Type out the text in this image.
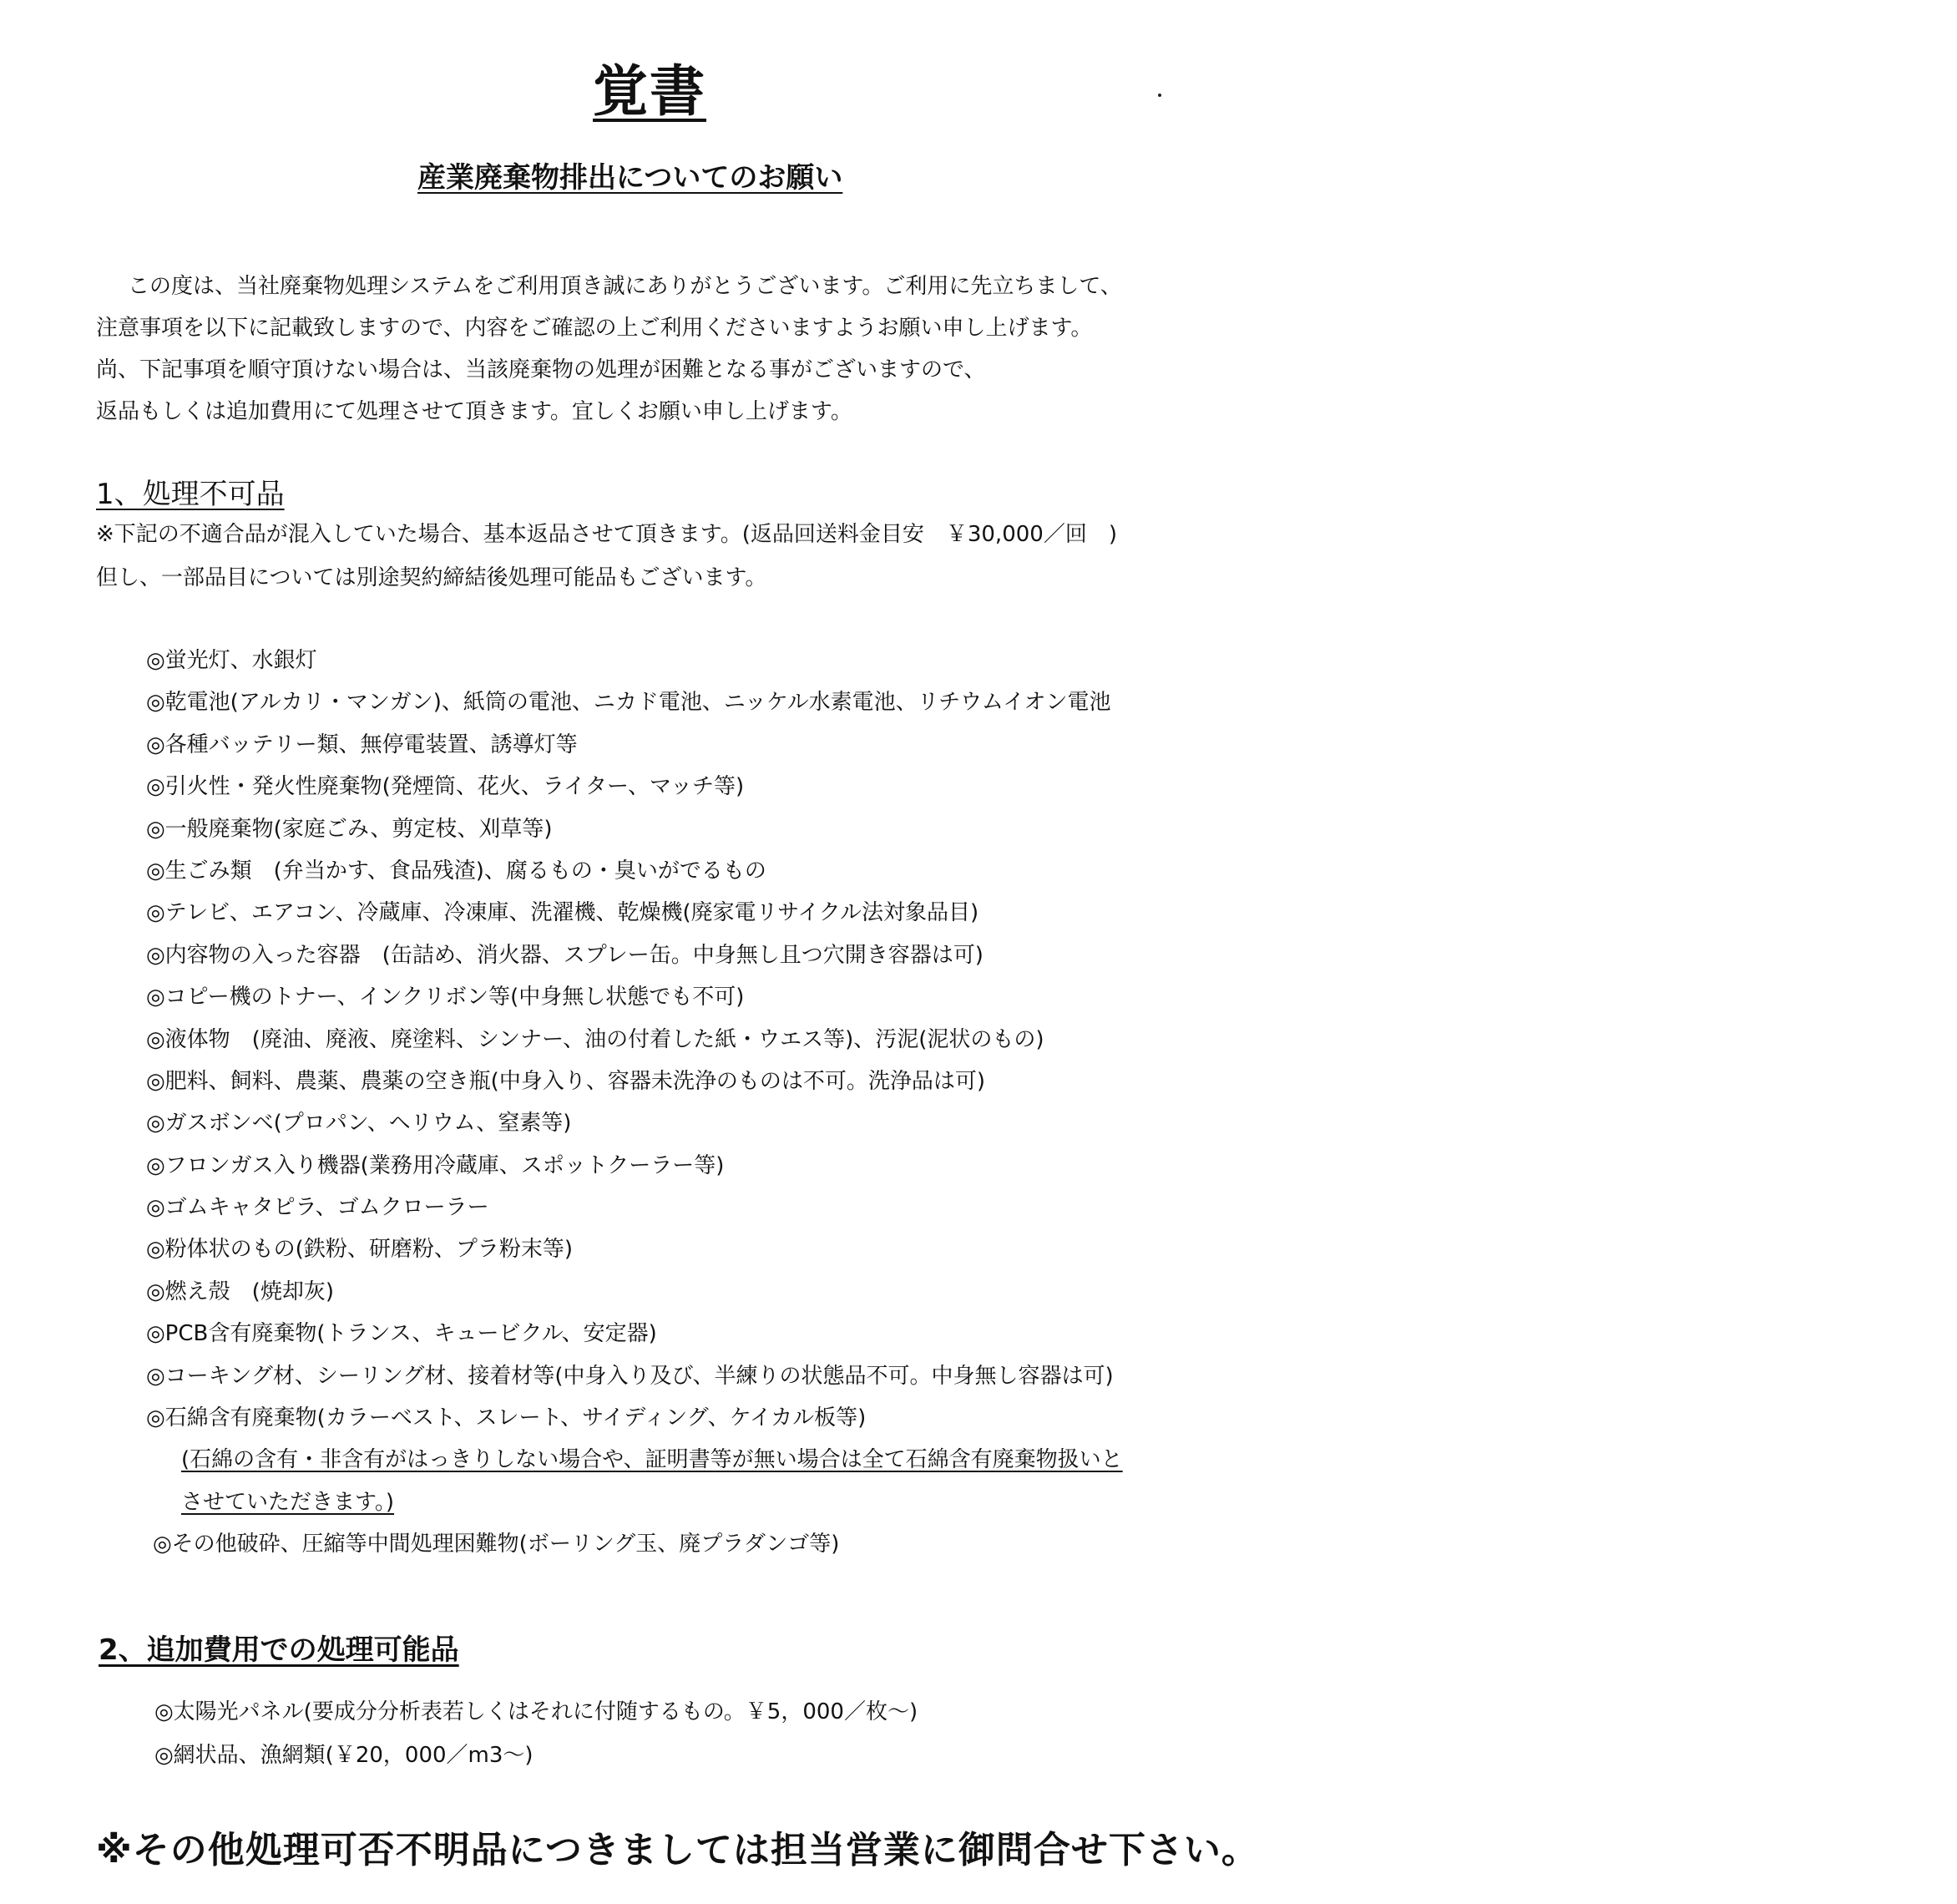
覚書
産業廃棄物排出についてのお願い
この度は、当社廃棄物処理システムをご利用頂き誠にありがとうございます。ご利用に先立ちまして、
注意事項を以下に記載致しますので、内容をご確認の上ご利用くださいますようお願い申し上げます。
尚、下記事項を順守頂けない場合は、当該廃棄物の処理が困難となる事がございますので、
返品もしくは追加費用にて処理させて頂きます。宜しくお願い申し上げます。
1、処理不可品
※下記の不適合品が混入していた場合、基本返品させて頂きます。(返品回送料金目安　￥30,000／回　)
但し、一部品目については別途契約締結後処理可能品もございます。
◎蛍光灯、水銀灯
◎乾電池(アルカリ・マンガン)、紙筒の電池、ニカド電池、ニッケル水素電池、リチウムイオン電池
◎各種バッテリー類、無停電装置、誘導灯等
◎引火性・発火性廃棄物(発煙筒、花火、ライター、マッチ等)
◎一般廃棄物(家庭ごみ、剪定枝、刈草等)
◎生ごみ類　(弁当かす、食品残渣)、腐るもの・臭いがでるもの
◎テレビ、エアコン、冷蔵庫、冷凍庫、洗濯機、乾燥機(廃家電リサイクル法対象品目)
◎内容物の入った容器　(缶詰め、消火器、スプレー缶。中身無し且つ穴開き容器は可)
◎コピー機のトナー、インクリボン等(中身無し状態でも不可)
◎液体物　(廃油、廃液、廃塗料、シンナー、油の付着した紙・ウエス等)、汚泥(泥状のもの)
◎肥料、飼料、農薬、農薬の空き瓶(中身入り、容器未洗浄のものは不可。洗浄品は可)
◎ガスボンベ(プロパン、ヘリウム、窒素等)
◎フロンガス入り機器(業務用冷蔵庫、スポットクーラー等)
◎ゴムキャタピラ、ゴムクローラー
◎粉体状のもの(鉄粉、研磨粉、プラ粉末等)
◎燃え殻　(焼却灰)
◎PCB含有廃棄物(トランス、キュービクル、安定器)
◎コーキング材、シーリング材、接着材等(中身入り及び、半練りの状態品不可。中身無し容器は可)
◎石綿含有廃棄物(カラーベスト、スレート、サイディング、ケイカル板等)
(石綿の含有・非含有がはっきりしない場合や、証明書等が無い場合は全て石綿含有廃棄物扱いと
させていただきます。)
◎その他破砕、圧縮等中間処理困難物(ボーリング玉、廃プラダンゴ等)
2、追加費用での処理可能品
◎太陽光パネル(要成分分析表若しくはそれに付随するもの。￥5，000／枚～)
◎網状品、漁網類(￥20，000／m3～)
※その他処理可否不明品につきましては担当営業に御問合せ下さい。
